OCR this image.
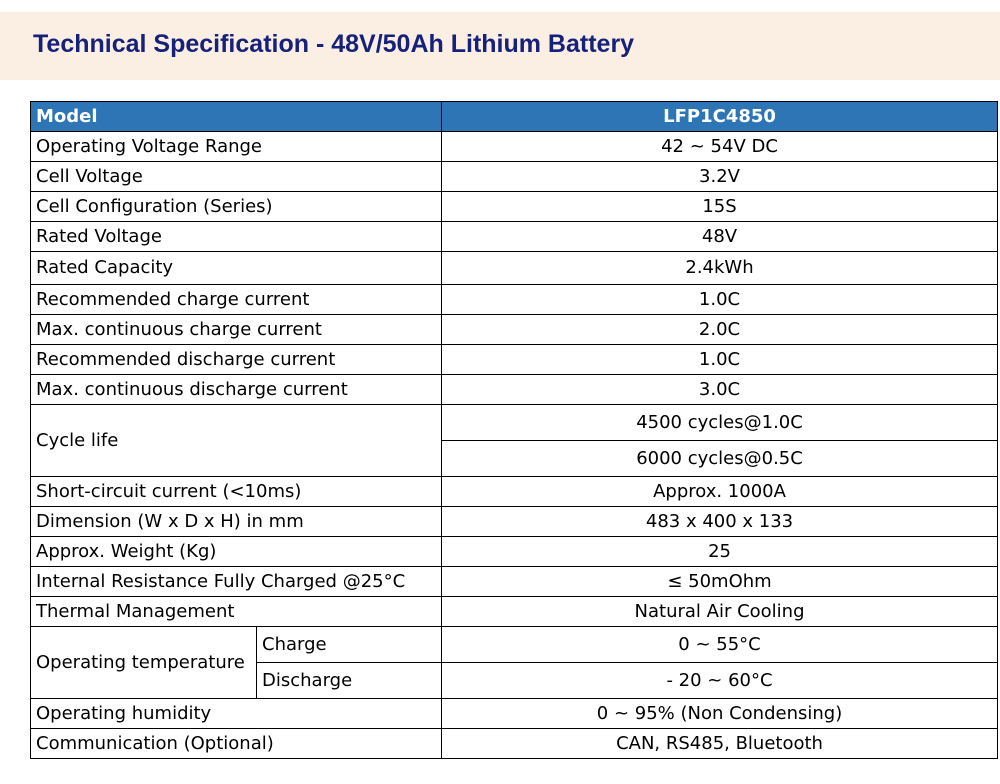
Technical Specification - 48V/50Ah Lithium Battery
Model		LFP1C4850
Operating Voltage Range		42 ~ 54V DC
Cell Voltage		3.2V
Cell Configuration (Series)		15S
Rated Voltage		48V
Rated Capacity		2.4kWh
Recommended charge current		1.0C
Max. continuous charge current		2.0C
Recommended discharge current		1.0C
Max. continuous discharge current		3.0C
Cycle life		4500 cycles@1.0C
		6000 cycles@0.5C
Short-circuit current (<10ms)		Approx. 1000A
Dimension (W x D x H) in mm		483 x 400 x 133
Approx. Weight (Kg)		25
Internal Resistance Fully Charged @25°C		≤ 50mOhm
Thermal Management		Natural Air Cooling
Operating temperature	Charge	0 ~ 55°C
	Discharge	- 20 ~ 60°C
Operating humidity		0 ~ 95% (Non Condensing)
Communication (Optional)		CAN, RS485, Bluetooth
